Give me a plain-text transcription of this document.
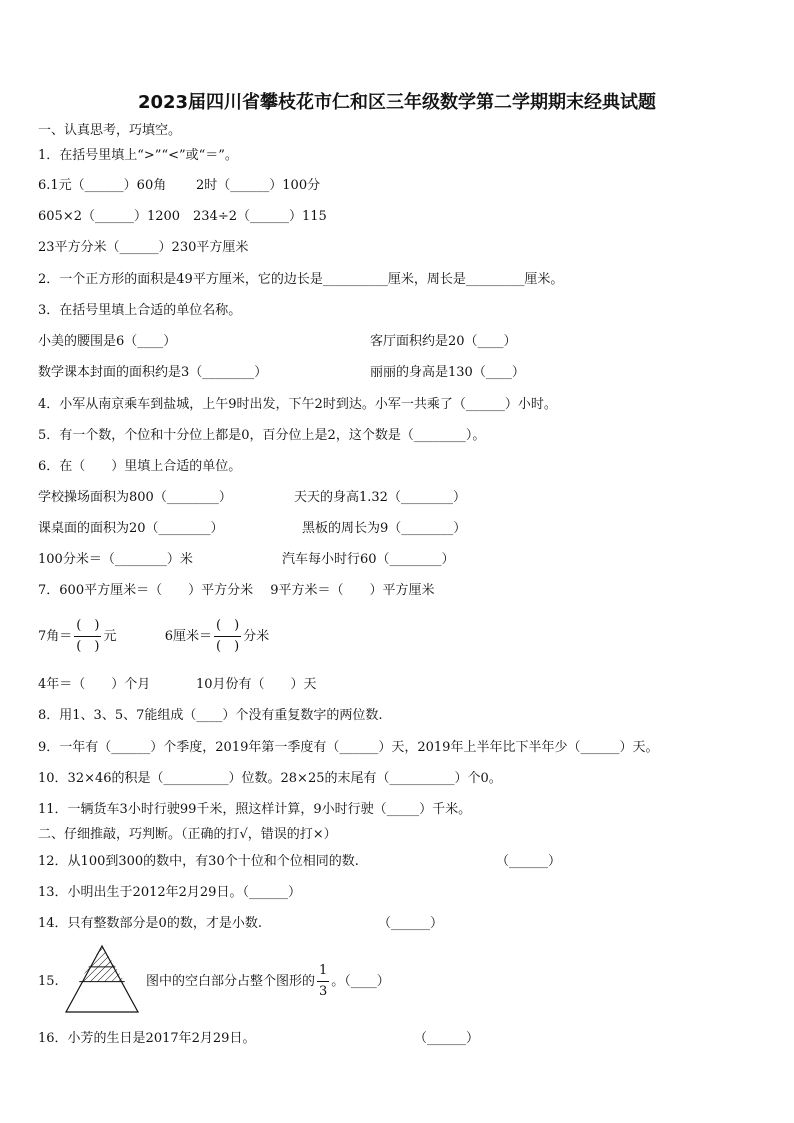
2023届四川省攀枝花市仁和区三年级数学第二学期期末经典试题
一、认真思考，巧填空。
1．在括号里填上“>”“<”或“＝”。
6.1元（______）60角 2时（______）100分
605×2（______）1200 234÷2（______）115
23平方分米（______）230平方厘米
2．一个正方形的面积是49平方厘米，它的边长是__________厘米，周长是_________厘米。
3．在括号里填上合适的单位名称。
小美的腰围是6（____）	客厅面积约是20（____）
数学课本封面的面积约是3（________）	丽丽的身高是130（____）
4．小军从南京乘车到盐城，上午9时出发，下午2时到达。小军一共乘了（______）小时。
5．有一个数，个位和十分位上都是0，百分位上是2，这个数是（________）。
6．在（　　）里填上合适的单位。
学校操场面积为800（________）	天天的身高1.32（________）
课桌面的面积为20（________）	黑板的周长为9（________）
100分米＝（________）米	汽车每小时行60（________）
7．600平方厘米＝（　　）平方分米　 9平方米＝（　　）平方厘米
7角＝ $\frac{( )}{( )}$ 元	6厘米＝ $\frac{( )}{( )}$ 分米
4年＝（　　）个月	10月份有（　　）天
8．用1、3、5、7能组成（____）个没有重复数字的两位数.
9．一年有（______）个季度，2019年第一季度有（______）天，2019年上半年比下半年少（______）天。
10．32×46的积是（__________）位数。28×25的末尾有（__________）个0。
11．一辆货车3小时行驶99千米，照这样计算，9小时行驶（_____）千米。
二、仔细推敲，巧判断。（正确的打√，错误的打×）
12．从100到300的数中，有30个十位和个位相同的数.	（______）
13．小明出生于2012年2月29日。（______）
14．只有整数部分是0的数，才是小数.	（______）
15.	图中的空白部分占整个图形的 $\frac{1}{3}$ 。（____）
16．小芳的生日是2017年2月29日。	（______）
